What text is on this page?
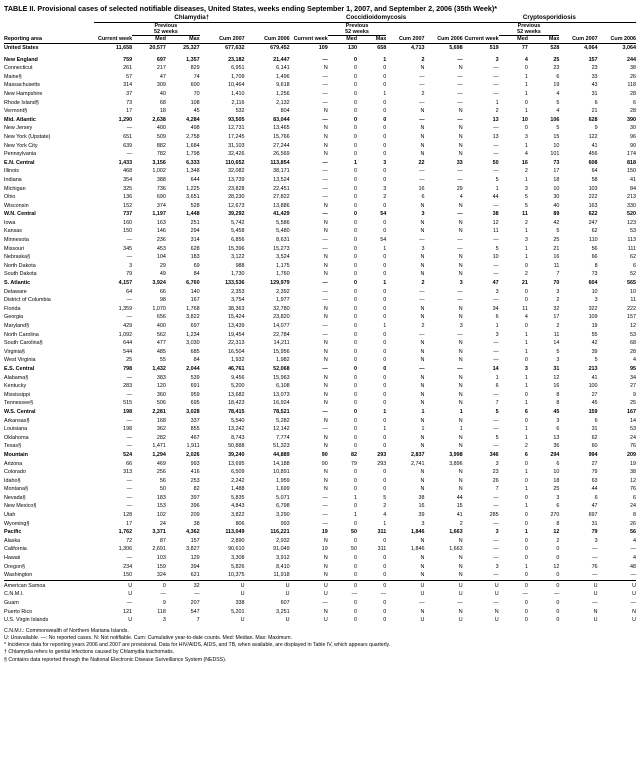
TABLE II. Provisional cases of selected notifiable diseases, United States, weeks ending September 1, 2007, and September 2, 2006 (35th Week)*
	Chlamydia†					Coccidioidomycosis					Cryptosporidiosis				
		Previous					Previous					Previous			
		52 weeks					52 weeks					52 weeks			
Reporting area	Current week	Med	Max	Cum 2007	Cum 2006	Current week	Med	Max	Cum 2007	Cum 2006	Current week	Med	Max	Cum 2007	Cum 2006
United States	11,658	20,577	25,327	677,632	679,452	109	130	658	4,713	5,698	519	77	528	4,064	3,064

New England	759	697	1,357	23,182	21,447	—	0	1	2	—	3	4	25	157	244
Connecticut	261	217	829	6,951	6,141	N	0	0	N	N	—	0	23	23	38
Maine§	57	47	74	1,709	1,496	—	0	0	—	—	—	1	6	33	26
Massachusetts	314	309	600	10,464	9,618	—	0	0	—	—	—	1	19	43	118
New Hampshire	37	40	70	1,410	1,256	—	0	1	2	—	—	1	4	31	28
Rhode Island§	73	68	108	2,116	2,132	—	0	0	—	—	1	0	5	6	6
Vermont§	17	18	45	532	804	N	0	0	N	N	2	1	4	21	28
Mid. Atlantic	1,290	2,638	4,284	93,505	83,044	—	0	0	—	—	13	10	106	628	390
New Jersey	—	400	498	12,731	13,465	N	0	0	N	N	—	0	5	9	30
New York (Upstate)	651	509	2,758	17,245	15,766	N	0	0	N	N	13	3	15	122	96
New York City	639	882	1,684	31,103	27,244	N	0	0	N	N	—	1	10	41	90
Pennsylvania	—	782	1,798	32,426	26,569	N	0	0	N	N	—	4	101	456	174
E.N. Central	1,433	3,156	6,333	110,652	113,854	—	1	3	22	33	50	16	73	608	818
Illinois	468	1,002	1,348	32,082	38,171	—	0	0	—	—	—	2	17	64	150
Indiana	354	388	644	13,739	13,524	—	0	0	—	—	5	1	18	58	41
Michigan	325	736	1,225	23,828	22,451	—	0	3	16	29	1	3	10	103	84
Ohio	136	690	3,651	28,230	27,822	—	0	2	6	4	44	5	30	222	213
Wisconsin	152	374	528	12,673	13,886	N	0	0	N	N	—	5	40	163	330
W.N. Central	737	1,197	1,448	39,292	41,429	—	0	54	3	—	38	11	89	622	520
Iowa	160	163	251	5,742	5,586	N	0	0	N	N	12	2	42	247	123
Kansas	150	146	294	5,458	5,480	N	0	0	N	N	11	1	5	62	53
Minnesota	—	236	314	6,856	8,631	—	0	54	—	—	—	3	25	110	113
Missouri	345	453	628	15,396	15,273	—	0	1	3	—	5	1	21	56	111
Nebraska§	—	104	183	3,122	3,524	N	0	0	N	N	10	1	16	66	62
North Dakota	3	29	69	988	1,175	N	0	0	N	N	—	0	11	8	6
South Dakota	79	49	84	1,730	1,760	N	0	0	N	N	—	2	7	73	52
S. Atlantic	4,157	3,924	6,760	133,536	129,979	—	0	1	2	3	47	21	70	604	565
Delaware	64	66	140	2,353	2,392	—	0	0	—	—	3	0	3	10	10
District of Columbia	—	98	167	3,754	1,977	—	0	0	—	—	—	0	2	3	11
Florida	1,359	1,070	1,768	38,363	32,780	N	0	0	N	N	34	11	32	322	222
Georgia	—	656	3,822	15,424	23,820	N	0	0	N	N	6	4	17	109	157
Maryland§	429	400	697	13,439	14,077	—	0	1	2	3	1	0	2	19	12
North Carolina	1,092	562	1,234	19,454	22,784	—	0	0	—	—	3	1	11	55	53
South Carolina§	644	477	3,030	22,313	14,211	N	0	0	N	N	—	1	14	42	68
Virginia§	544	485	685	16,504	15,956	N	0	0	N	N	—	1	5	39	28
West Virginia	25	55	84	1,932	1,982	N	0	0	N	N	—	0	3	5	4
E.S. Central	798	1,432	2,044	46,761	52,068	—	0	0	—	—	14	3	31	213	95
Alabama§	—	383	539	9,456	15,963	N	0	0	N	N	1	1	12	41	34
Kentucky	283	120	691	5,200	6,108	N	0	0	N	N	6	1	16	100	27
Mississippi	—	360	959	13,682	13,073	N	0	0	N	N	—	0	8	27	9
Tennessee§	515	506	695	18,423	16,924	N	0	0	N	N	7	1	8	45	25
W.S. Central	198	2,281	3,028	78,415	78,521	—	0	1	1	1	5	6	45	159	167
Arkansas§	—	168	337	5,540	5,282	N	0	0	N	N	—	0	3	6	14
Louisiana	198	362	855	13,242	12,142	—	0	1	1	1	—	1	6	31	53
Oklahoma	—	282	467	8,743	7,774	N	0	0	N	N	5	1	13	62	24
Texas§	—	1,471	1,911	50,888	51,323	N	0	0	N	N	—	2	36	60	76
Mountain	524	1,294	2,026	39,240	44,889	90	82	293	2,837	3,998	346	6	294	994	209
Arizona	66	469	993	13,695	14,188	90	79	293	2,741	3,896	3	0	6	27	19
Colorado	313	256	416	6,509	10,891	N	0	0	N	N	23	1	10	79	38
Idaho§	—	56	253	2,242	1,959	N	0	0	N	N	26	0	18	63	12
Montana§	—	50	82	1,488	1,699	N	0	0	N	N	7	1	25	44	76
Nevada§	—	183	397	5,835	5,071	—	1	5	38	44	—	0	3	6	6
New Mexico§	—	153	396	4,843	6,798	—	0	2	16	15	—	1	6	47	24
Utah	128	102	209	3,822	3,290	—	1	4	39	41	285	0	270	697	8
Wyoming§	17	24	38	806	993	—	0	1	3	2	—	0	8	31	26
Pacific	1,762	3,371	4,362	113,049	116,221	19	50	311	1,846	1,663	3	1	12	79	56
Alaska	72	87	157	2,890	2,932	N	0	0	N	N	—	0	2	3	4
California	1,306	2,691	3,827	90,610	91,049	19	50	311	1,846	1,663	—	0	0	—	—
Hawaii	—	103	129	3,308	3,912	N	0	0	N	N	—	0	0	—	4
Oregon§	234	159	394	5,826	8,410	N	0	0	N	N	3	1	12	76	48
Washington	150	324	621	10,375	11,918	N	0	0	N	N	—	0	0	—	—

American Samoa	U	0	32	U	U	U	0	0	U	U	U	0	0	U	U
C.N.M.I.	U	—	—	U	U	U	—	—	U	U	U	—	—	U	U
Guam	—	9	207	338	607	—	0	0	—	—	—	0	0	—	—
Puerto Rico	121	118	547	5,201	3,251	N	0	0	N	N	N	0	0	N	N
U.S. Virgin Islands	U	3	7	U	U	U	0	0	U	U	U	0	0	U	U
C.N.M.I.: Commonwealth of Northern Mariana Islands.
U: Unavailable. —: No reported cases. N: Not notifiable. Cum: Cumulative year-to-date counts. Med: Median. Max: Maximum.
* Incidence data for reporting years 2006 and 2007 are provisional. Data for HIV/AIDS, AIDS, and TB, when available, are displayed in Table IV, which appears quarterly.
† Chlamydia refers to genital infections caused by Chlamydia trachomatis.
§ Contains data reported through the National Electronic Disease Surveillance System (NEDSS).
